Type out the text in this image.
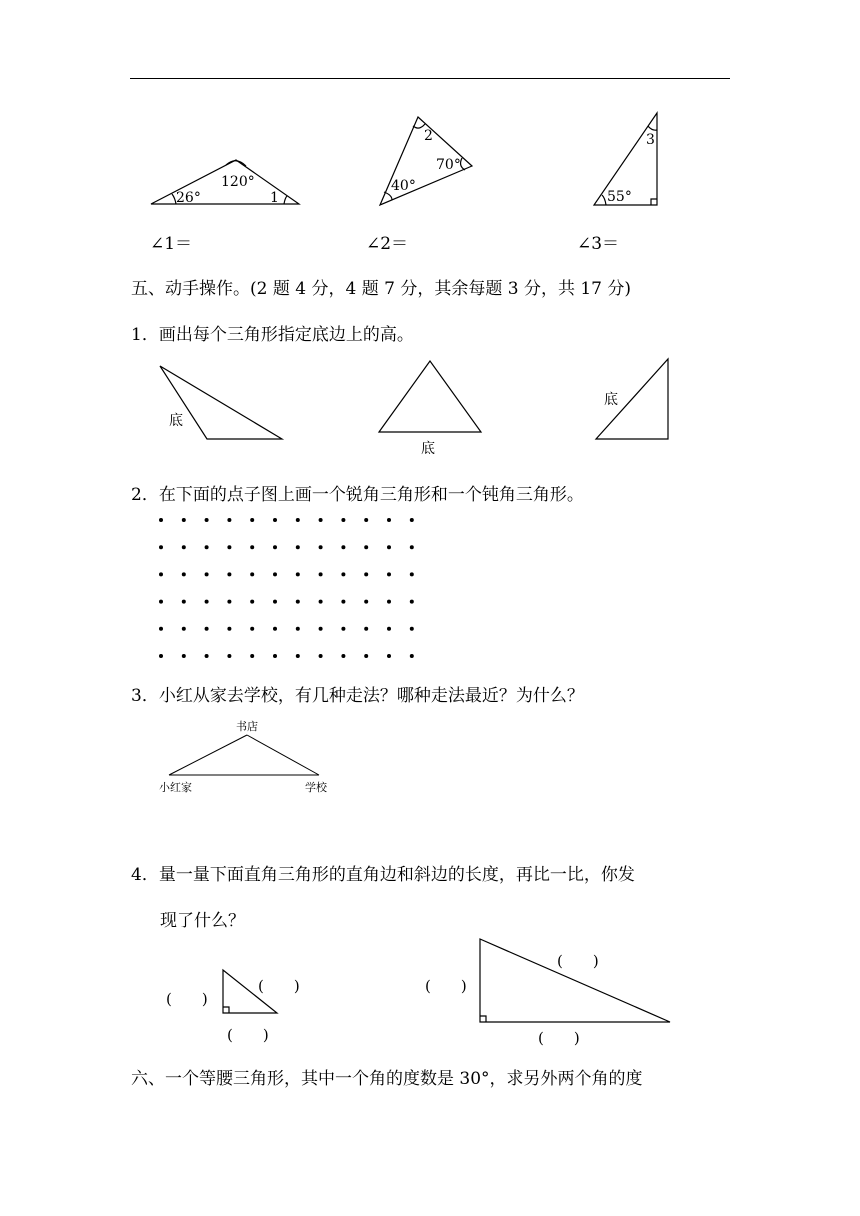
120°
26°	1
2
70°
40°
3
55°
∠1＝	∠2＝	∠3＝
五、动手操作。(2 题 4 分，4 题 7 分，其余每题 3 分，共 17 分)
1．画出每个三角形指定底边上的高。
底
底
底
2．在下面的点子图上画一个锐角三角形和一个钝角三角形。
3．小红从家去学校，有几种走法？哪种走法最近？为什么？
书店
小红家	学校
4．量一量下面直角三角形的直角边和斜边的长度，再比一比，你发
现了什么？
(　　)
(　　)
(　　)
(　　)
(　　)
(　　)
六、一个等腰三角形，其中一个角的度数是 30°，求另外两个角的度
